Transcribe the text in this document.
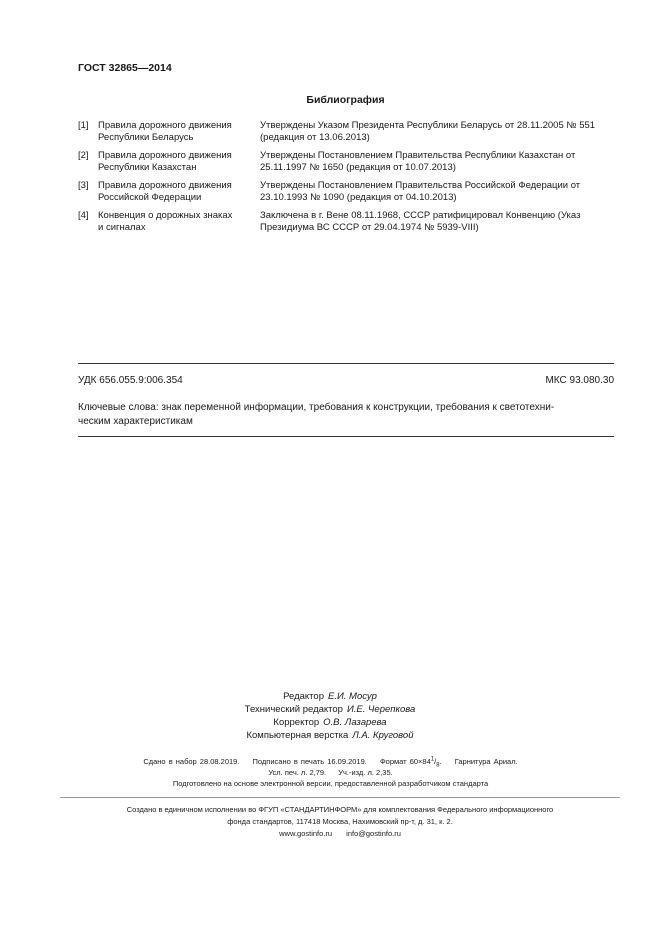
ГОСТ 32865—2014
Библиография
[1] Правила дорожного движения
Республики Беларусь
Утверждены Указом Президента Республики Беларусь от 28.11.2005 № 551
(редакция от 13.06.2013)
[2] Правила дорожного движения
Республики Казахстан
Утверждены Постановлением Правительства Республики Казахстан от
25.11.1997 № 1650 (редакция от 10.07.2013)
[3] Правила дорожного движения
Российской Федерации
Утверждены Постановлением Правительства Российской Федерации от
23.10.1993 № 1090 (редакция от 04.10.2013)
[4] Конвенция о дорожных знаках
и сигналах
Заключена в г. Вене 08.11.1968, СССР ратифицировал Конвенцию (Указ
Президиума ВС СССР от 29.04.1974 № 5939-VIII)
УДК 656.055.9:006.354	МКС 93.080.30
Ключевые слова: знак переменной информации, требования к конструкции, требования к светотехни-
ческим характеристикам
Редактор Е.И. Мосур
Технический редактор И.Е. Черепкова
Корректор О.В. Лазарева
Компьютерная верстка Л.А. Круговой
Сдано в набор 28.08.2019. Подписано в печать 16.09.2019. Формат $60\times 84^1/_8$. Гарнитура Ариал.
Усл. печ. л. 2,79. Уч.-изд. л. 2,35.
Подготовлено на основе электронной версии, предоставленной разработчиком стандарта
Создано в единичном исполнении во ФГУП «СТАНДАРТИНФОРМ» для комплектования Федерального информационного
фонда стандартов, 117418 Москва, Нахимовский пр-т, д. 31, к. 2.
www.gostinfo.ru info@gostinfo.ru
